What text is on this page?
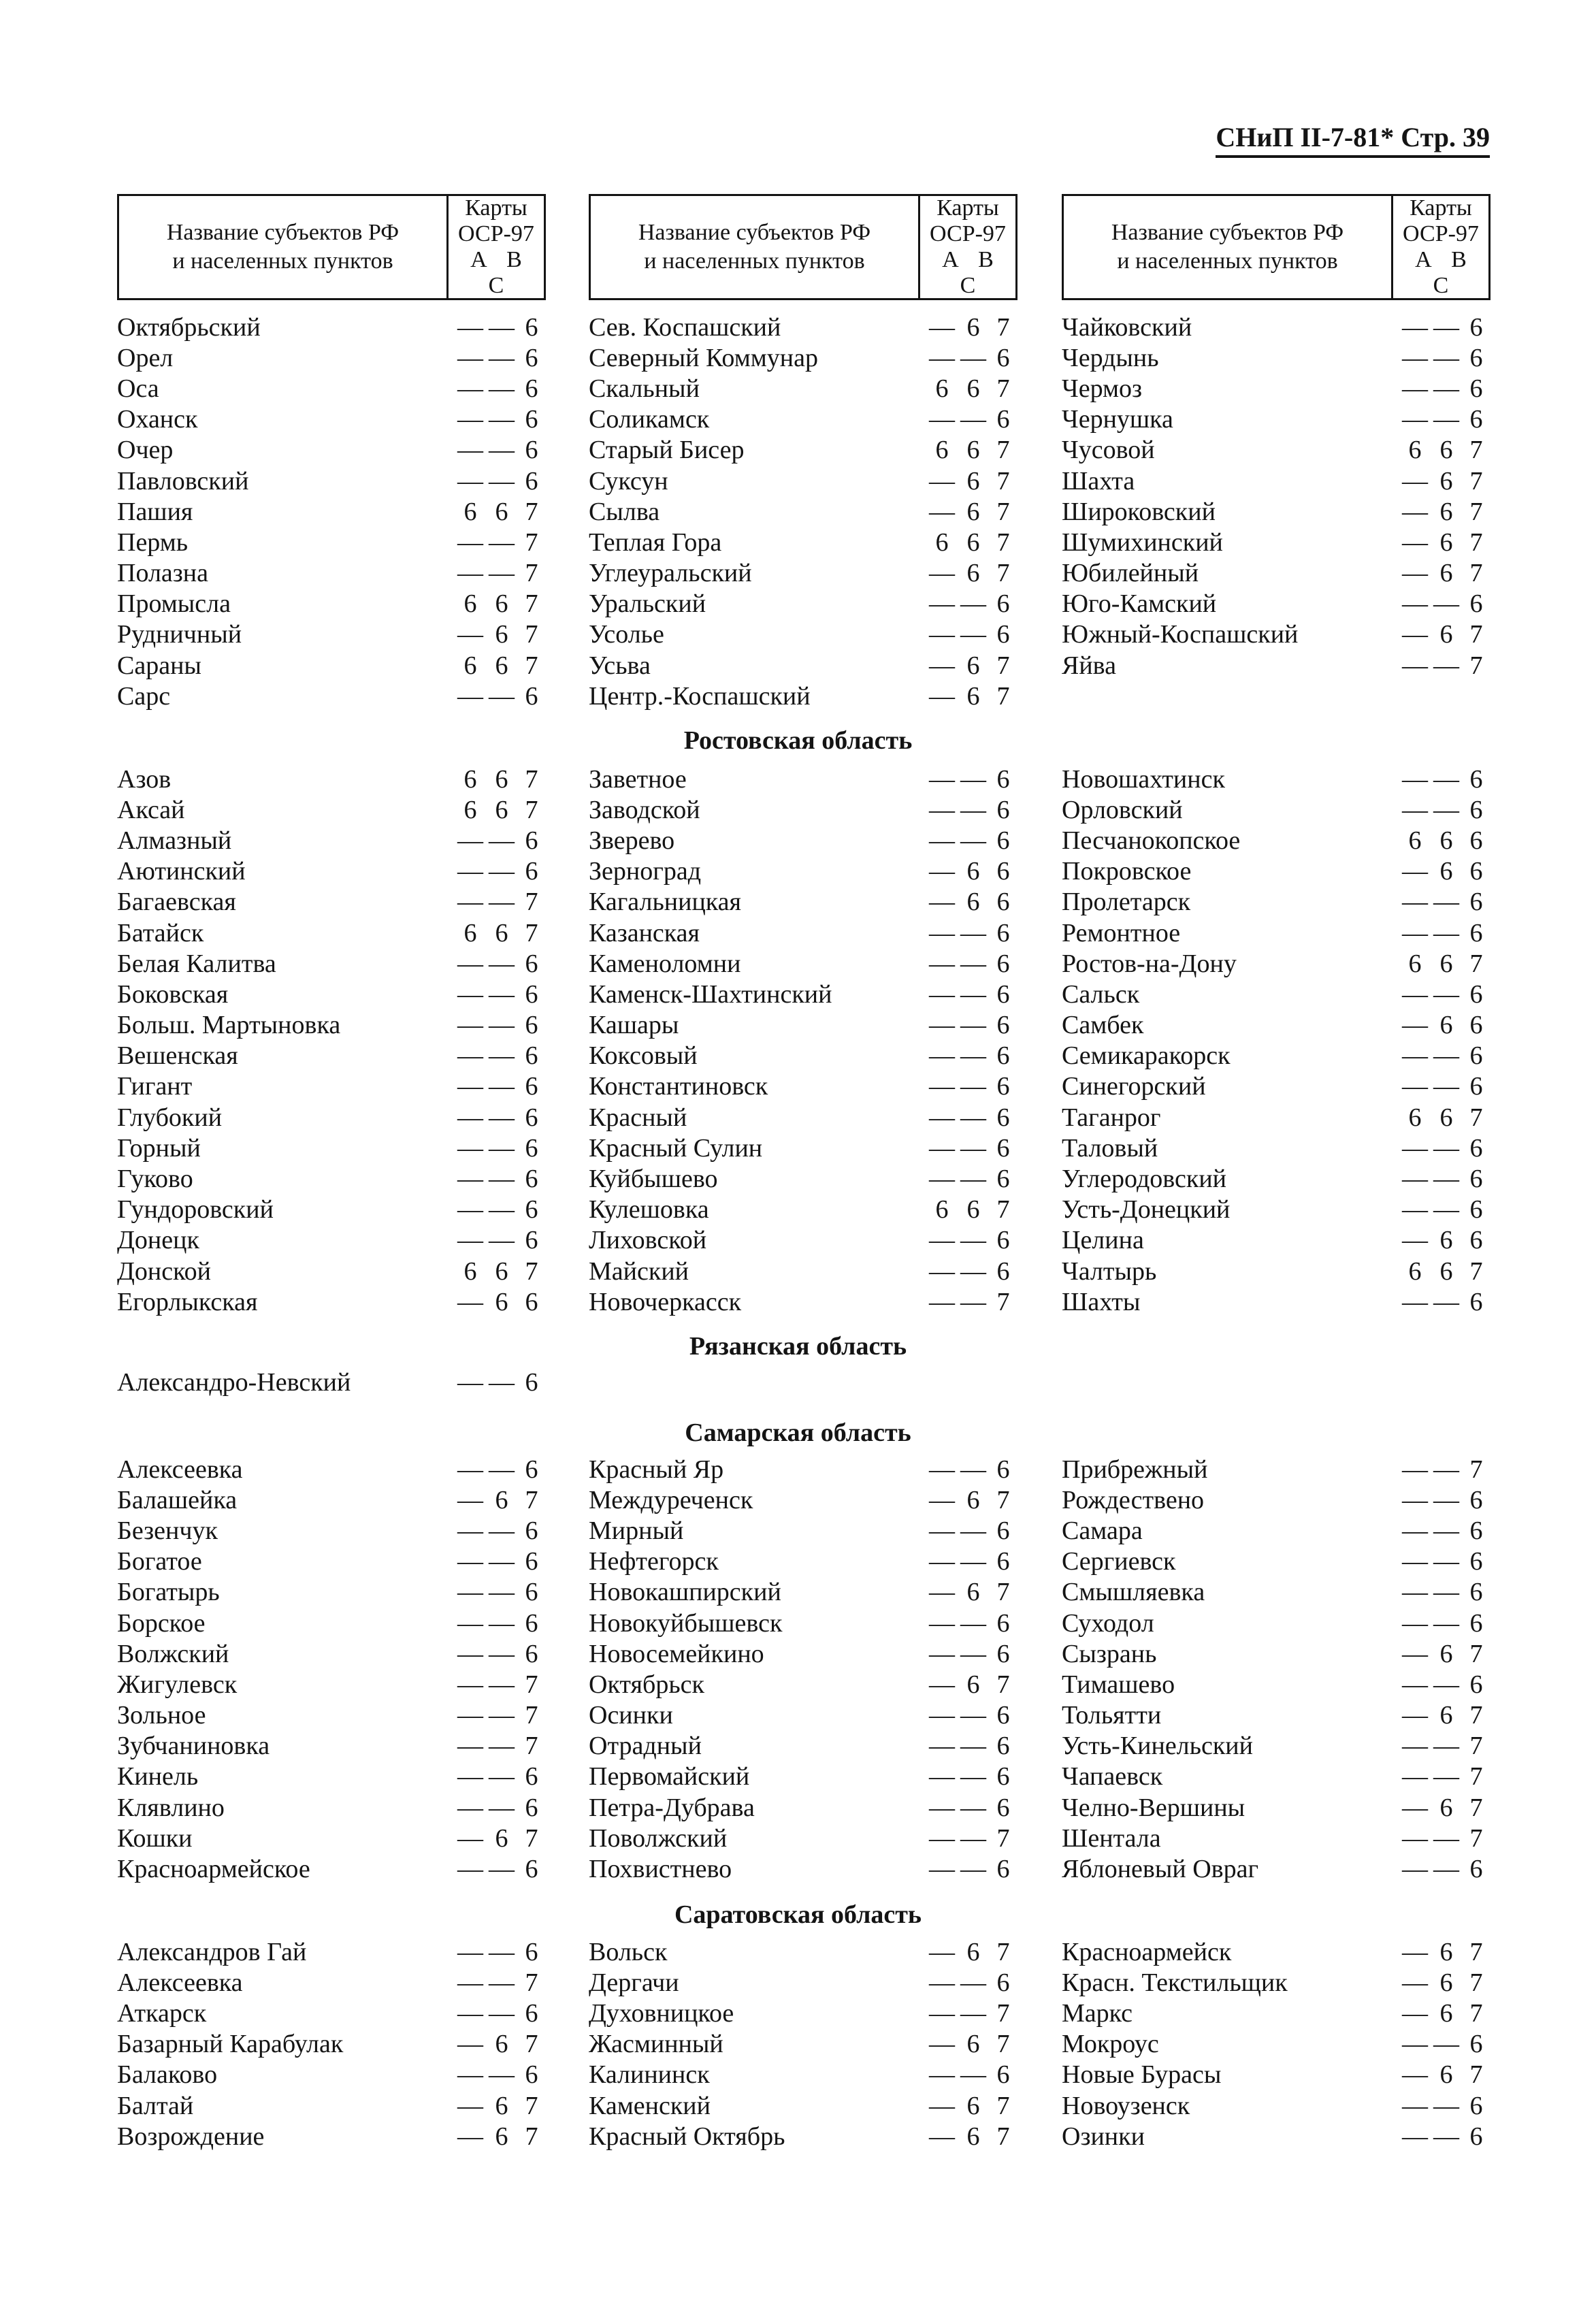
СНиП II-7-81* Стр. 39
Название субъектов РФ
и населенных пунктов
Карты
ОСР-97
А В С
Название субъектов РФ
и населенных пунктов
Карты
ОСР-97
А В С
Название субъектов РФ
и населенных пунктов
Карты
ОСР-97
А В С
Октябрьский	— — 6
Орел	— — 6
Оса	— — 6
Оханск	— — 6
Очер	— — 6
Павловский	— — 6
Пашия	6 6 7
Пермь	— — 7
Полазна	— — 7
Промысла	6 6 7
Рудничный	— 6 7
Сараны	6 6 7
Сарс	— — 6
Сев. Коспашский	— 6 7
Северный Коммунар	— — 6
Скальный	6 6 7
Соликамск	— — 6
Старый Бисер	6 6 7
Суксун	— 6 7
Сылва	— 6 7
Теплая Гора	6 6 7
Углеуральский	— 6 7
Уральский	— — 6
Усолье	— — 6
Усьва	— 6 7
Центр.-Коспашский	— 6 7
Чайковский	— — 6
Чердынь	— — 6
Чермоз	— — 6
Чернушка	— — 6
Чусовой	6 6 7
Шахта	— 6 7
Широковский	— 6 7
Шумихинский	— 6 7
Юбилейный	— 6 7
Юго-Камский	— — 6
Южный-Коспашский	— 6 7
Яйва	— — 7
Ростовская область
Азов	6 6 7
Аксай	6 6 7
Алмазный	— — 6
Аютинский	— — 6
Багаевская	— — 7
Батайск	6 6 7
Белая Калитва	— — 6
Боковская	— — 6
Больш. Мартыновка	— — 6
Вешенская	— — 6
Гигант	— — 6
Глубокий	— — 6
Горный	— — 6
Гуково	— — 6
Гундоровский	— — 6
Донецк	— — 6
Донской	6 6 7
Егорлыкская	— 6 6
Заветное	— — 6
Заводской	— — 6
Зверево	— — 6
Зерноград	— 6 6
Кагальницкая	— 6 6
Казанская	— — 6
Каменоломни	— — 6
Каменск-Шахтинский	— — 6
Кашары	— — 6
Коксовый	— — 6
Константиновск	— — 6
Красный	— — 6
Красный Сулин	— — 6
Куйбышево	— — 6
Кулешовка	6 6 7
Лиховской	— — 6
Майский	— — 6
Новочеркасск	— — 7
Новошахтинск	— — 6
Орловский	— — 6
Песчанокопское	6 6 6
Покровское	— 6 6
Пролетарск	— — 6
Ремонтное	— — 6
Ростов-на-Дону	6 6 7
Сальск	— — 6
Самбек	— 6 6
Семикаракорск	— — 6
Синегорский	— — 6
Таганрог	6 6 7
Таловый	— — 6
Углеродовский	— — 6
Усть-Донецкий	— — 6
Целина	— 6 6
Чалтырь	6 6 7
Шахты	— — 6
Рязанская область
Александро-Невский	— — 6
Самарская область
Алексеевка	— — 6
Балашейка	— 6 7
Безенчук	— — 6
Богатое	— — 6
Богатырь	— — 6
Борское	— — 6
Волжский	— — 6
Жигулевск	— — 7
Зольное	— — 7
Зубчаниновка	— — 7
Кинель	— — 6
Клявлино	— — 6
Кошки	— 6 7
Красноармейское	— — 6
Красный Яр	— — 6
Междуреченск	— 6 7
Мирный	— — 6
Нефтегорск	— — 6
Новокашпирский	— 6 7
Новокуйбышевск	— — 6
Новосемейкино	— — 6
Октябрьск	— 6 7
Осинки	— — 6
Отрадный	— — 6
Первомайский	— — 6
Петра-Дубрава	— — 6
Поволжский	— — 7
Похвистнево	— — 6
Прибрежный	— — 7
Рождествено	— — 6
Самара	— — 6
Сергиевск	— — 6
Смышляевка	— — 6
Суходол	— — 6
Сызрань	— 6 7
Тимашево	— — 6
Тольятти	— 6 7
Усть-Кинельский	— — 7
Чапаевск	— — 7
Челно-Вершины	— 6 7
Шентала	— — 7
Яблоневый Овраг	— — 6
Саратовская область
Александров Гай	— — 6
Алексеевка	— — 7
Аткарск	— — 6
Базарный Карабулак	— 6 7
Балаково	— — 6
Балтай	— 6 7
Возрождение	— 6 7
Вольск	— 6 7
Дергачи	— — 6
Духовницкое	— — 7
Жасминный	— 6 7
Калининск	— — 6
Каменский	— 6 7
Красный Октябрь	— 6 7
Красноармейск	— 6 7
Красн. Текстильщик	— 6 7
Маркс	— 6 7
Мокроус	— — 6
Новые Бурасы	— 6 7
Новоузенск	— — 6
Озинки	— — 6
